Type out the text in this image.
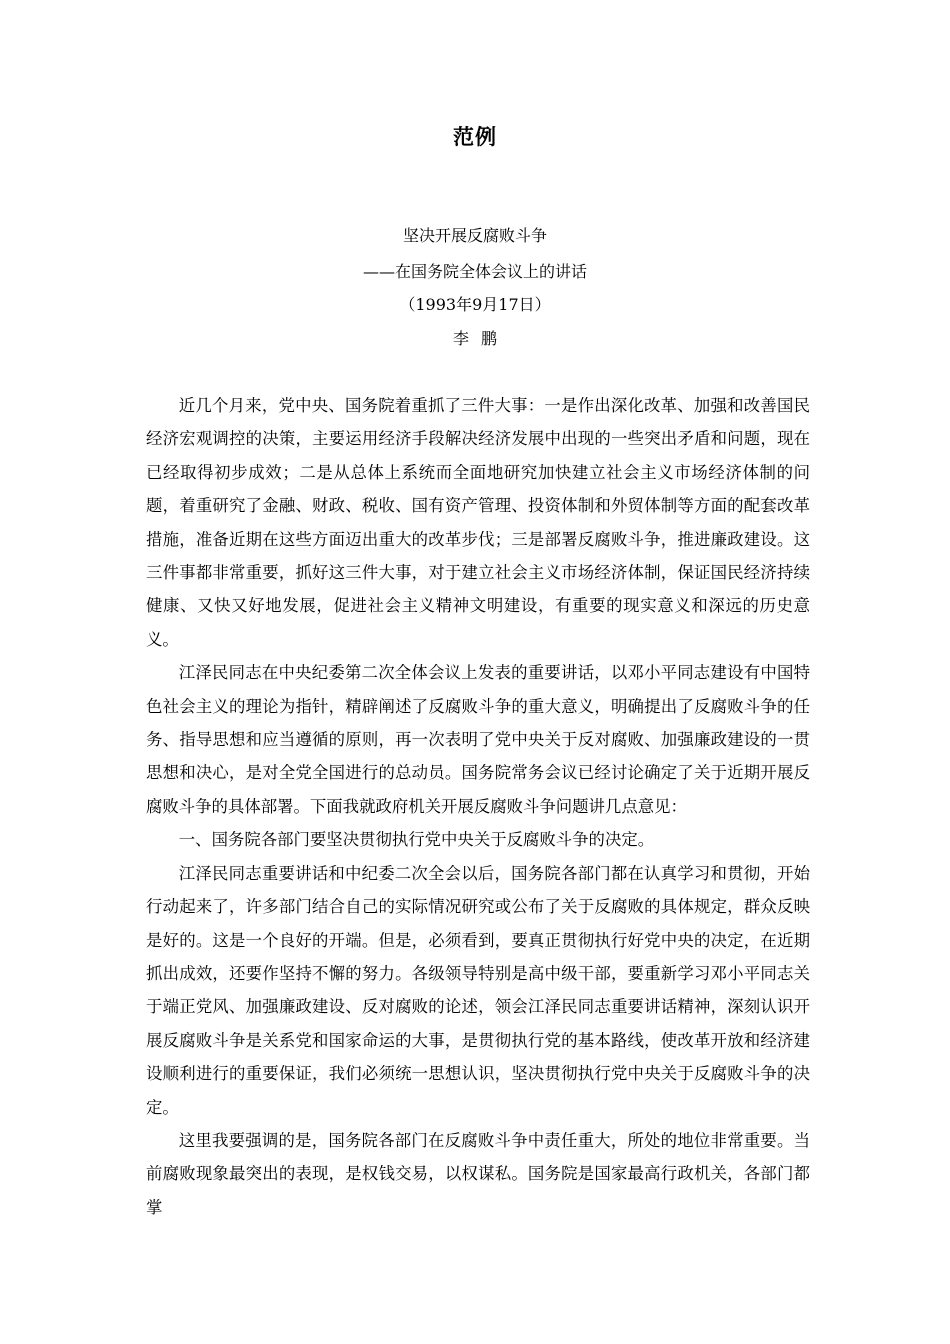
范例
坚决开展反腐败斗争
——在国务院全体会议上的讲话
（1993年9月17日）
李鹏

近几个月来，党中央、国务院着重抓了三件大事：一是作出深化改革、加强和改善国民经济宏观调控的决策，主要运用经济手段解决经济发展中出现的一些突出矛盾和问题，现在已经取得初步成效；二是从总体上系统而全面地研究加快建立社会主义市场经济体制的问题，着重研究了金融、财政、税收、国有资产管理、投资体制和外贸体制等方面的配套改革措施，准备近期在这些方面迈出重大的改革步伐；三是部署反腐败斗争，推进廉政建设。这三件事都非常重要，抓好这三件大事，对于建立社会主义市场经济体制，保证国民经济持续健康、又快又好地发展，促进社会主义精神文明建设，有重要的现实意义和深远的历史意义。

江泽民同志在中央纪委第二次全体会议上发表的重要讲话，以邓小平同志建设有中国特色社会主义的理论为指针，精辟阐述了反腐败斗争的重大意义，明确提出了反腐败斗争的任务、指导思想和应当遵循的原则，再一次表明了党中央关于反对腐败、加强廉政建设的一贯思想和决心，是对全党全国进行的总动员。国务院常务会议已经讨论确定了关于近期开展反腐败斗争的具体部署。下面我就政府机关开展反腐败斗争问题讲几点意见：

一、国务院各部门要坚决贯彻执行党中央关于反腐败斗争的决定。

江泽民同志重要讲话和中纪委二次全会以后，国务院各部门都在认真学习和贯彻，开始行动起来了，许多部门结合自己的实际情况研究或公布了关于反腐败的具体规定，群众反映是好的。这是一个良好的开端。但是，必须看到，要真正贯彻执行好党中央的决定，在近期抓出成效，还要作坚持不懈的努力。各级领导特别是高中级干部，要重新学习邓小平同志关于端正党风、加强廉政建设、反对腐败的论述，领会江泽民同志重要讲话精神，深刻认识开展反腐败斗争是关系党和国家命运的大事，是贯彻执行党的基本路线，使改革开放和经济建设顺利进行的重要保证，我们必须统一思想认识，坚决贯彻执行党中央关于反腐败斗争的决定。

这里我要强调的是，国务院各部门在反腐败斗争中责任重大，所处的地位非常重要。当前腐败现象最突出的表现，是权钱交易，以权谋私。国务院是国家最高行政机关，各部门都掌
